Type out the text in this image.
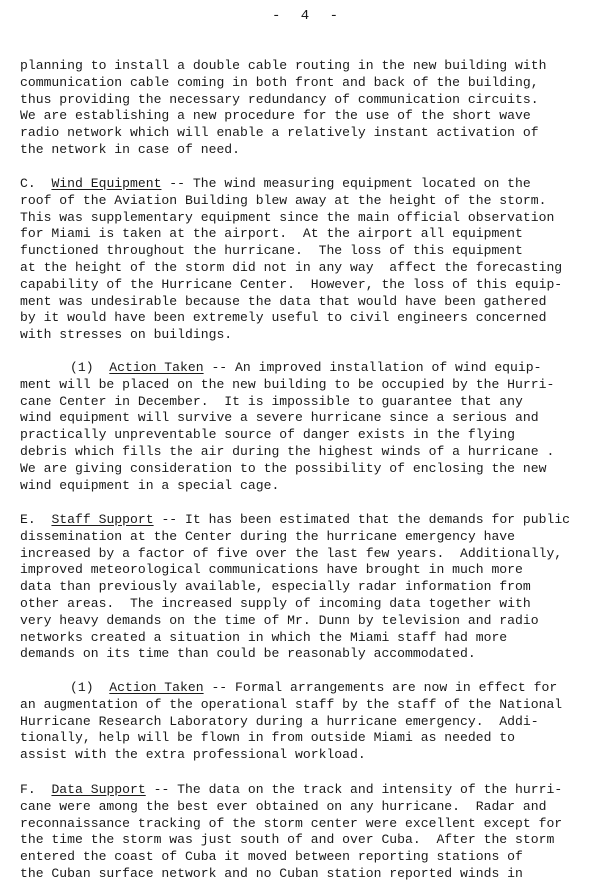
- 4 -
planning to install a double cable routing in the new building with
communication cable coming in both front and back of the building,
thus providing the necessary redundancy of communication circuits.
We are establishing a new procedure for the use of the short wave
radio network which will enable a relatively instant activation of
the network in case of need.
C. Wind Equipment -- The wind measuring equipment located on the
roof of the Aviation Building blew away at the height of the storm.
This was supplementary equipment since the main official observation
for Miami is taken at the airport.  At the airport all equipment
functioned throughout the hurricane.  The loss of this equipment
at the height of the storm did not in any way  affect the forecasting
capability of the Hurricane Center.  However, the loss of this equip-
ment was undesirable because the data that would have been gathered
by it would have been extremely useful to civil engineers concerned
with stresses on buildings.
(1) Action Taken -- An improved installation of wind equip-
ment will be placed on the new building to be occupied by the Hurri-
cane Center in December.  It is impossible to guarantee that any
wind equipment will survive a severe hurricane since a serious and
practically unpreventable source of danger exists in the flying
debris which fills the air during the highest winds of a hurricane .
We are giving consideration to the possibility of enclosing the new
wind equipment in a special cage.
E. Staff Support -- It has been estimated that the demands for public
dissemination at the Center during the hurricane emergency have
increased by a factor of five over the last few years.  Additionally,
improved meteorological communications have brought in much more
data than previously available, especially radar information from
other areas.  The increased supply of incoming data together with
very heavy demands on the time of Mr. Dunn by television and radio
networks created a situation in which the Miami staff had more
demands on its time than could be reasonably accommodated.
(1) Action Taken -- Formal arrangements are now in effect for
an augmentation of the operational staff by the staff of the National
Hurricane Research Laboratory during a hurricane emergency.  Addi-
tionally, help will be flown in from outside Miami as needed to
assist with the extra professional workload.
F. Data Support -- The data on the track and intensity of the hurri-
cane were among the best ever obtained on any hurricane.  Radar and
reconnaissance tracking of the storm center were excellent except for
the time the storm was just south of and over Cuba.  After the storm
entered the coast of Cuba it moved between reporting stations of
the Cuban surface network and no Cuban station reported winds in
